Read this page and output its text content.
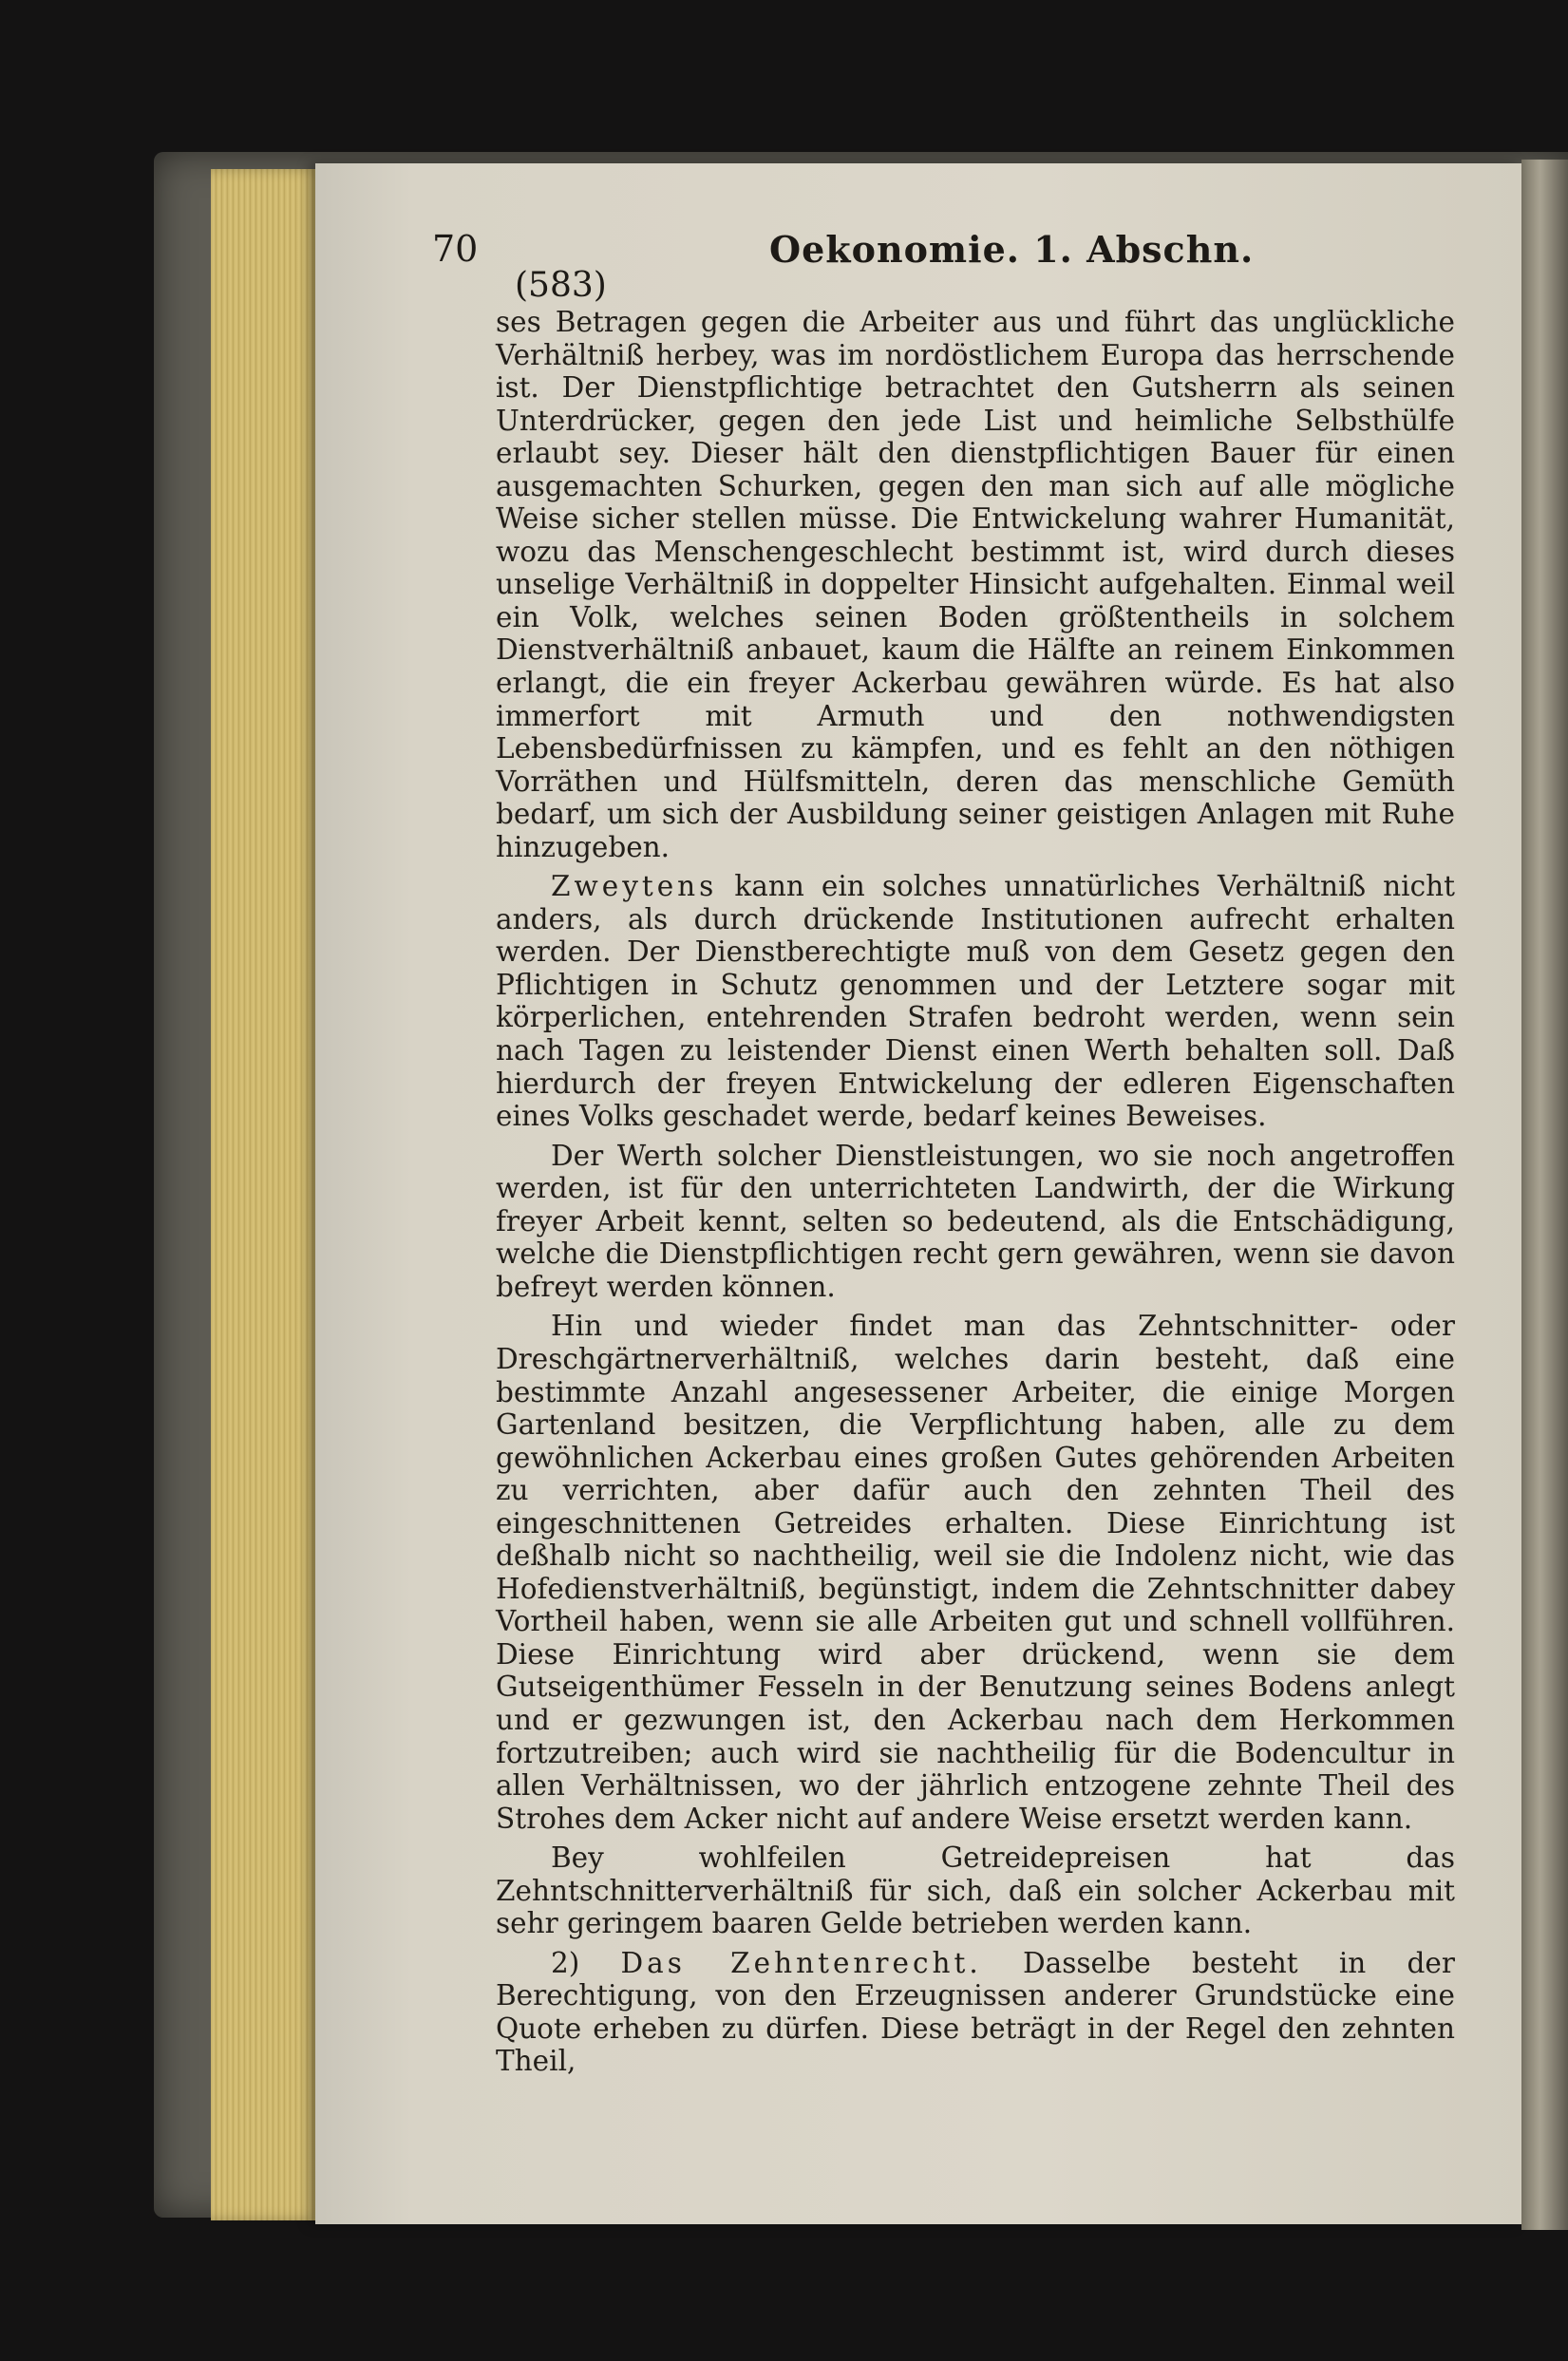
70	Oekonomie. 1. Abschn.
(583)

ses Betragen gegen die Arbeiter aus und führt das unglückliche Verhältniß herbey, was im nordöstlichem Europa das herrschende ist. Der Dienstpflichtige betrachtet den Gutsherrn als seinen Unterdrücker, gegen den jede List und heimliche Selbsthülfe erlaubt sey. Dieser hält den dienstpflichtigen Bauer für einen ausgemachten Schurken, gegen den man sich auf alle mögliche Weise sicher stellen müsse. Die Entwickelung wahrer Humanität, wozu das Menschengeschlecht bestimmt ist, wird durch dieses unselige Verhältniß in doppelter Hinsicht aufgehalten. Einmal weil ein Volk, welches seinen Boden größtentheils in solchem Dienstverhältniß anbauet, kaum die Hälfte an reinem Einkommen erlangt, die ein freyer Ackerbau gewähren würde. Es hat also immerfort mit Armuth und den nothwendigsten Lebensbedürfnissen zu kämpfen, und es fehlt an den nöthigen Vorräthen und Hülfsmitteln, deren das menschliche Gemüth bedarf, um sich der Ausbildung seiner geistigen Anlagen mit Ruhe hinzugeben.

Zweytens kann ein solches unnatürliches Verhältniß nicht anders, als durch drückende Institutionen aufrecht erhalten werden. Der Dienstberechtigte muß von dem Gesetz gegen den Pflichtigen in Schutz genommen und der Letztere sogar mit körperlichen, entehrenden Strafen bedroht werden, wenn sein nach Tagen zu leistender Dienst einen Werth behalten soll. Daß hierdurch der freyen Entwickelung der edleren Eigenschaften eines Volks geschadet werde, bedarf keines Beweises.

Der Werth solcher Dienstleistungen, wo sie noch angetroffen werden, ist für den unterrichteten Landwirth, der die Wirkung freyer Arbeit kennt, selten so bedeutend, als die Entschädigung, welche die Dienstpflichtigen recht gern gewähren, wenn sie davon befreyt werden können.

Hin und wieder findet man das Zehntschnitter- oder Dreschgärtnerverhältniß, welches darin besteht, daß eine bestimmte Anzahl angesessener Arbeiter, die einige Morgen Gartenland besitzen, die Verpflichtung haben, alle zu dem gewöhnlichen Ackerbau eines großen Gutes gehörenden Arbeiten zu verrichten, aber dafür auch den zehnten Theil des eingeschnittenen Getreides erhalten. Diese Einrichtung ist deßhalb nicht so nachtheilig, weil sie die Indolenz nicht, wie das Hofedienstverhältniß, begünstigt, indem die Zehntschnitter dabey Vortheil haben, wenn sie alle Arbeiten gut und schnell vollführen. Diese Einrichtung wird aber drückend, wenn sie dem Gutseigenthümer Fesseln in der Benutzung seines Bodens anlegt und er gezwungen ist, den Ackerbau nach dem Herkommen fortzutreiben; auch wird sie nachtheilig für die Bodencultur in allen Verhältnissen, wo der jährlich entzogene zehnte Theil des Strohes dem Acker nicht auf andere Weise ersetzt werden kann.

Bey wohlfeilen Getreidepreisen hat das Zehntschnitterverhältniß für sich, daß ein solcher Ackerbau mit sehr geringem baaren Gelde betrieben werden kann.

2) Das Zehntenrecht. Dasselbe besteht in der Berechtigung, von den Erzeugnissen anderer Grundstücke eine Quote erheben zu dürfen. Diese beträgt in der Regel den zehnten Theil,
